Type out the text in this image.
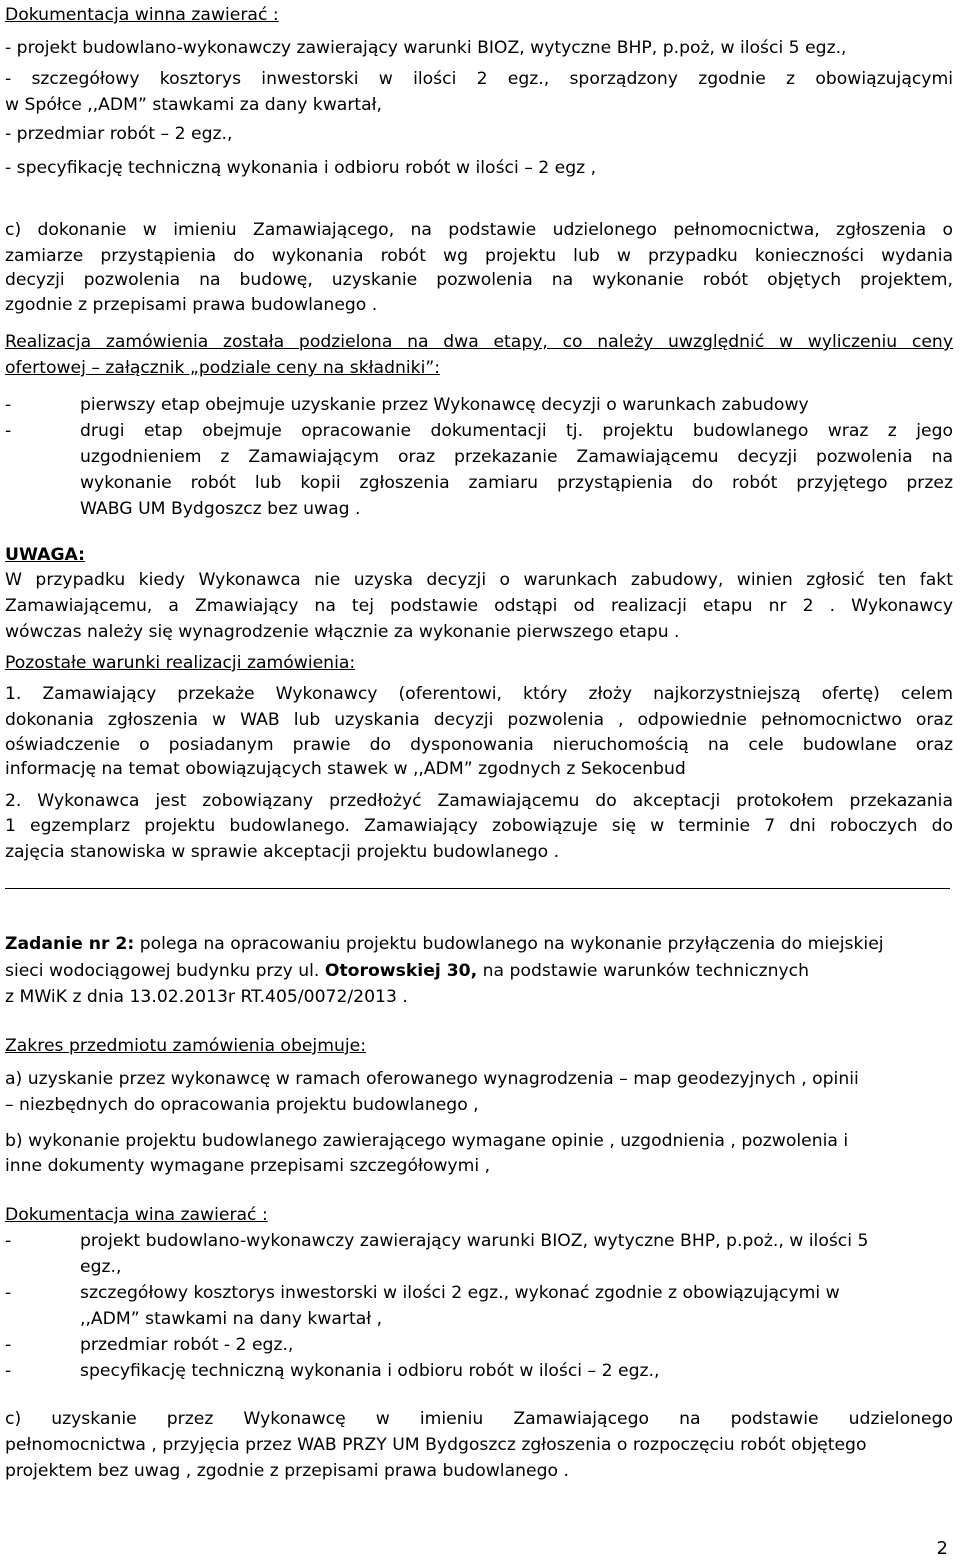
Dokumentacja winna zawierać :
- projekt budowlano-wykonawczy zawierający warunki BIOZ, wytyczne BHP, p.poż, w ilości 5 egz.,
- szczegółowy kosztorys inwestorski w ilości 2 egz., sporządzony zgodnie z obowiązującymi
w Spółce ,,ADM” stawkami za dany kwartał,
- przedmiar robót – 2 egz.,
- specyfikację techniczną wykonania i odbioru robót w ilości – 2 egz ,
c) dokonanie w imieniu Zamawiającego, na podstawie udzielonego pełnomocnictwa, zgłoszenia o
zamiarze przystąpienia do wykonania robót wg projektu lub w przypadku konieczności wydania
decyzji pozwolenia na budowę, uzyskanie pozwolenia na wykonanie robót objętych projektem,
zgodnie z przepisami prawa budowlanego .
Realizacja zamówienia została podzielona na dwa etapy, co należy uwzględnić w wyliczeniu ceny
ofertowej – załącznik „podziale ceny na składniki”:
-	pierwszy etap obejmuje uzyskanie przez Wykonawcę decyzji o warunkach zabudowy
-	drugi etap obejmuje opracowanie dokumentacji tj. projektu budowlanego wraz z jego
uzgodnieniem z Zamawiającym oraz przekazanie Zamawiającemu decyzji pozwolenia na
wykonanie robót lub kopii zgłoszenia zamiaru przystąpienia do robót przyjętego przez
WABG UM Bydgoszcz bez uwag .
UWAGA:
W przypadku kiedy Wykonawca nie uzyska decyzji o warunkach zabudowy, winien zgłosić ten fakt
Zamawiającemu, a Zmawiający na tej podstawie odstąpi od realizacji etapu nr 2 . Wykonawcy
wówczas należy się wynagrodzenie włącznie za wykonanie pierwszego etapu .
Pozostałe warunki realizacji zamówienia:
1. Zamawiający przekaże Wykonawcy (oferentowi, który złoży najkorzystniejszą ofertę) celem
dokonania zgłoszenia w WAB lub uzyskania decyzji pozwolenia , odpowiednie pełnomocnictwo oraz
oświadczenie o posiadanym prawie do dysponowania nieruchomością na cele budowlane oraz
informację na temat obowiązujących stawek w ,,ADM” zgodnych z Sekocenbud
2. Wykonawca jest zobowiązany przedłożyć Zamawiającemu do akceptacji protokołem przekazania
1 egzemplarz projektu budowlanego. Zamawiający zobowiązuje się w terminie 7 dni roboczych do
zajęcia stanowiska w sprawie akceptacji projektu budowlanego .
Zadanie nr 2: polega na opracowaniu projektu budowlanego na wykonanie przyłączenia do miejskiej
sieci wodociągowej budynku przy ul. Otorowskiej 30, na podstawie warunków technicznych
z MWiK z dnia 13.02.2013r RT.405/0072/2013 .
Zakres przedmiotu zamówienia obejmuje:
a) uzyskanie przez wykonawcę w ramach oferowanego wynagrodzenia – map geodezyjnych , opinii
– niezbędnych do opracowania projektu budowlanego ,
b) wykonanie projektu budowlanego zawierającego wymagane opinie , uzgodnienia , pozwolenia i
inne dokumenty wymagane przepisami szczegółowymi ,
Dokumentacja wina zawierać :
-	projekt budowlano-wykonawczy zawierający warunki BIOZ, wytyczne BHP, p.poż., w ilości 5
egz.,
-	szczegółowy kosztorys inwestorski w ilości 2 egz., wykonać zgodnie z obowiązującymi w
,,ADM” stawkami na dany kwartał ,
-	przedmiar robót - 2 egz.,
-	specyfikację techniczną wykonania i odbioru robót w ilości – 2 egz.,
c) uzyskanie przez Wykonawcę w imieniu Zamawiającego na podstawie udzielonego
pełnomocnictwa , przyjęcia przez WAB PRZY UM Bydgoszcz zgłoszenia o rozpoczęciu robót objętego
projektem bez uwag , zgodnie z przepisami prawa budowlanego .
2
